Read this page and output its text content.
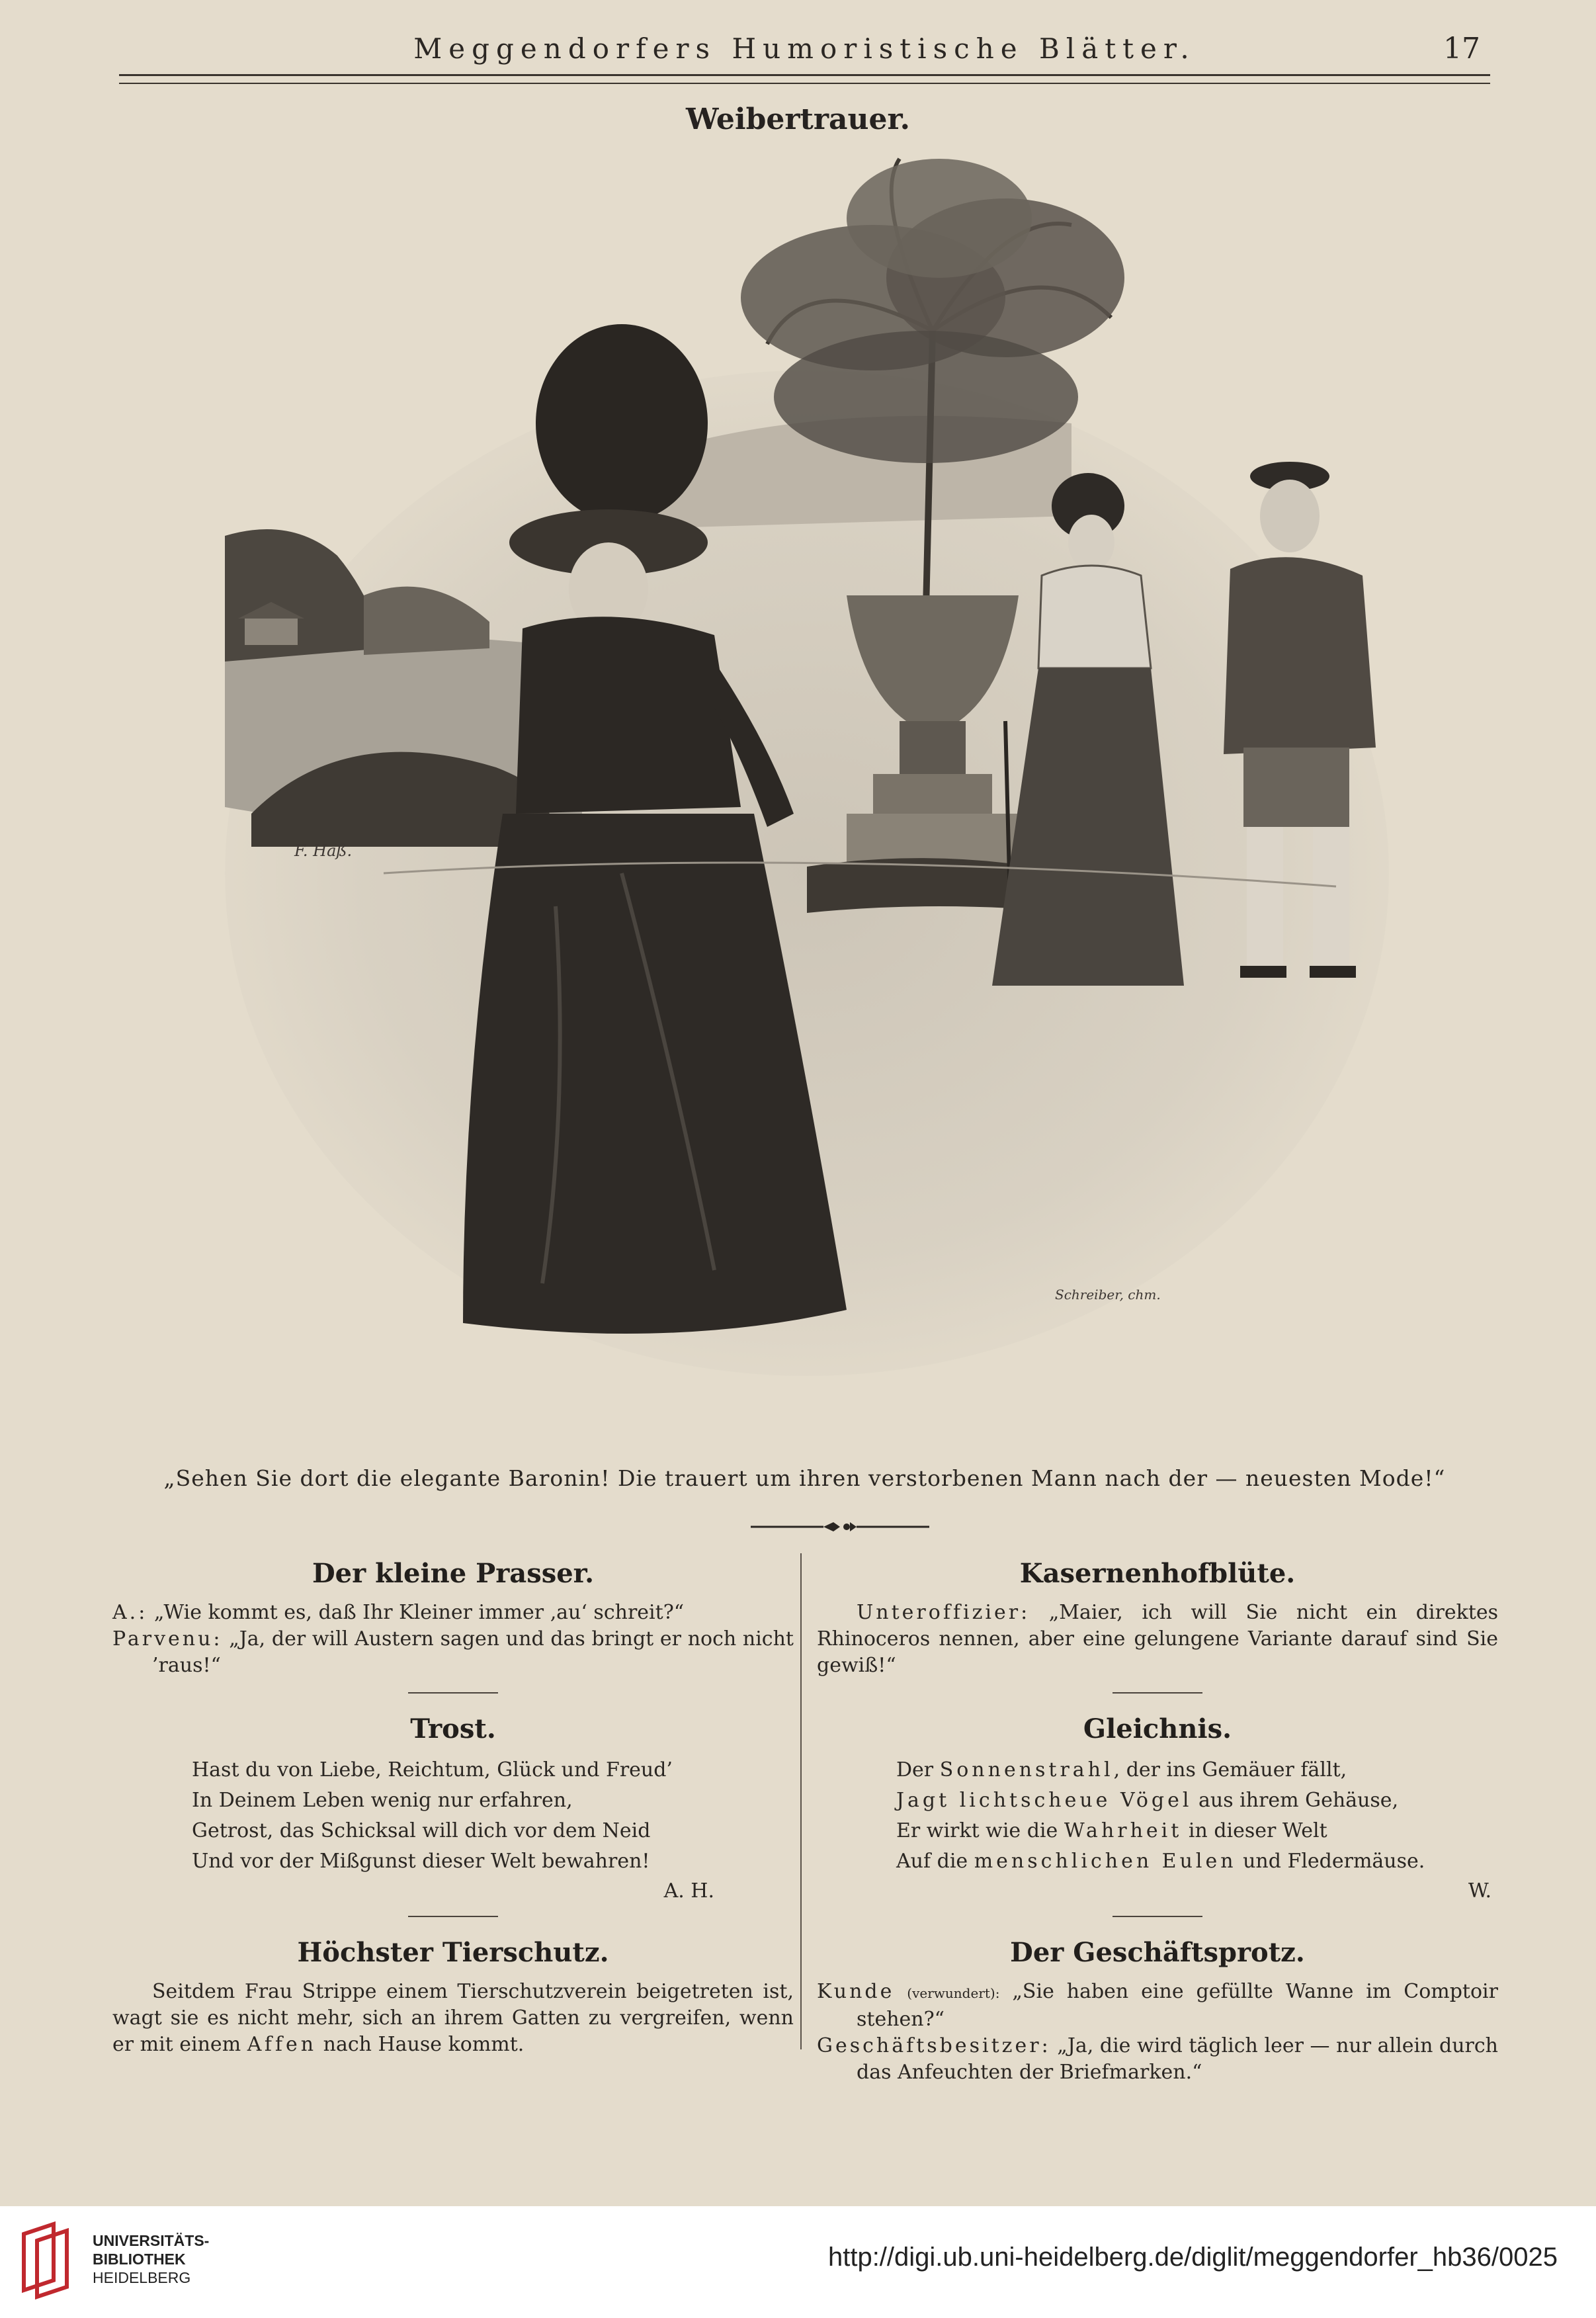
Meggendorfers Humoristische Blätter.	17
Weibertrauer.
F. Haß.
Schreiber, chm.
„Sehen Sie dort die elegante Baronin! Die trauert um ihren verstorbenen Mann nach der — neuesten Mode!“
Der kleine Prasser.

A.: „Wie kommt es, daß Ihr Kleiner immer ‚au‘ schreit?“

Parvenu: „Ja, der will Austern sagen und das bringt er noch nicht ’raus!“

Trost.
Hast du von Liebe, Reichtum, Glück und Freud’
In Deinem Leben wenig nur erfahren,
Getrost, das Schicksal will dich vor dem Neid
Und vor der Mißgunst dieser Welt bewahren!
A. H.
Höchster Tierschutz.

Seitdem Frau Strippe einem Tierschutzverein beigetreten ist, wagt sie es nicht mehr, sich an ihrem Gatten zu vergreifen, wenn er mit einem Affen nach Hause kommt.

Kasernenhofblüte.

Unteroffizier: „Maier, ich will Sie nicht ein direktes Rhinoceros nennen, aber eine gelungene Variante darauf sind Sie gewiß!“

Gleichnis.
Der Sonnenstrahl, der ins Gemäuer fällt,
Jagt lichtscheue Vögel aus ihrem Gehäuse,
Er wirkt wie die Wahrheit in dieser Welt
Auf die menschlichen Eulen und Fledermäuse.
W.
Der Geschäftsprotz.

Kunde (verwundert): „Sie haben eine gefüllte Wanne im Comptoir stehen?“

Geschäftsbesitzer: „Ja, die wird täglich leer — nur allein durch das Anfeuchten der Briefmarken.“

UNIVERSITÄTS-
BIBLIOTHEK
HEIDELBERG
http://digi.ub.uni-heidelberg.de/diglit/meggendorfer_hb36/0025
